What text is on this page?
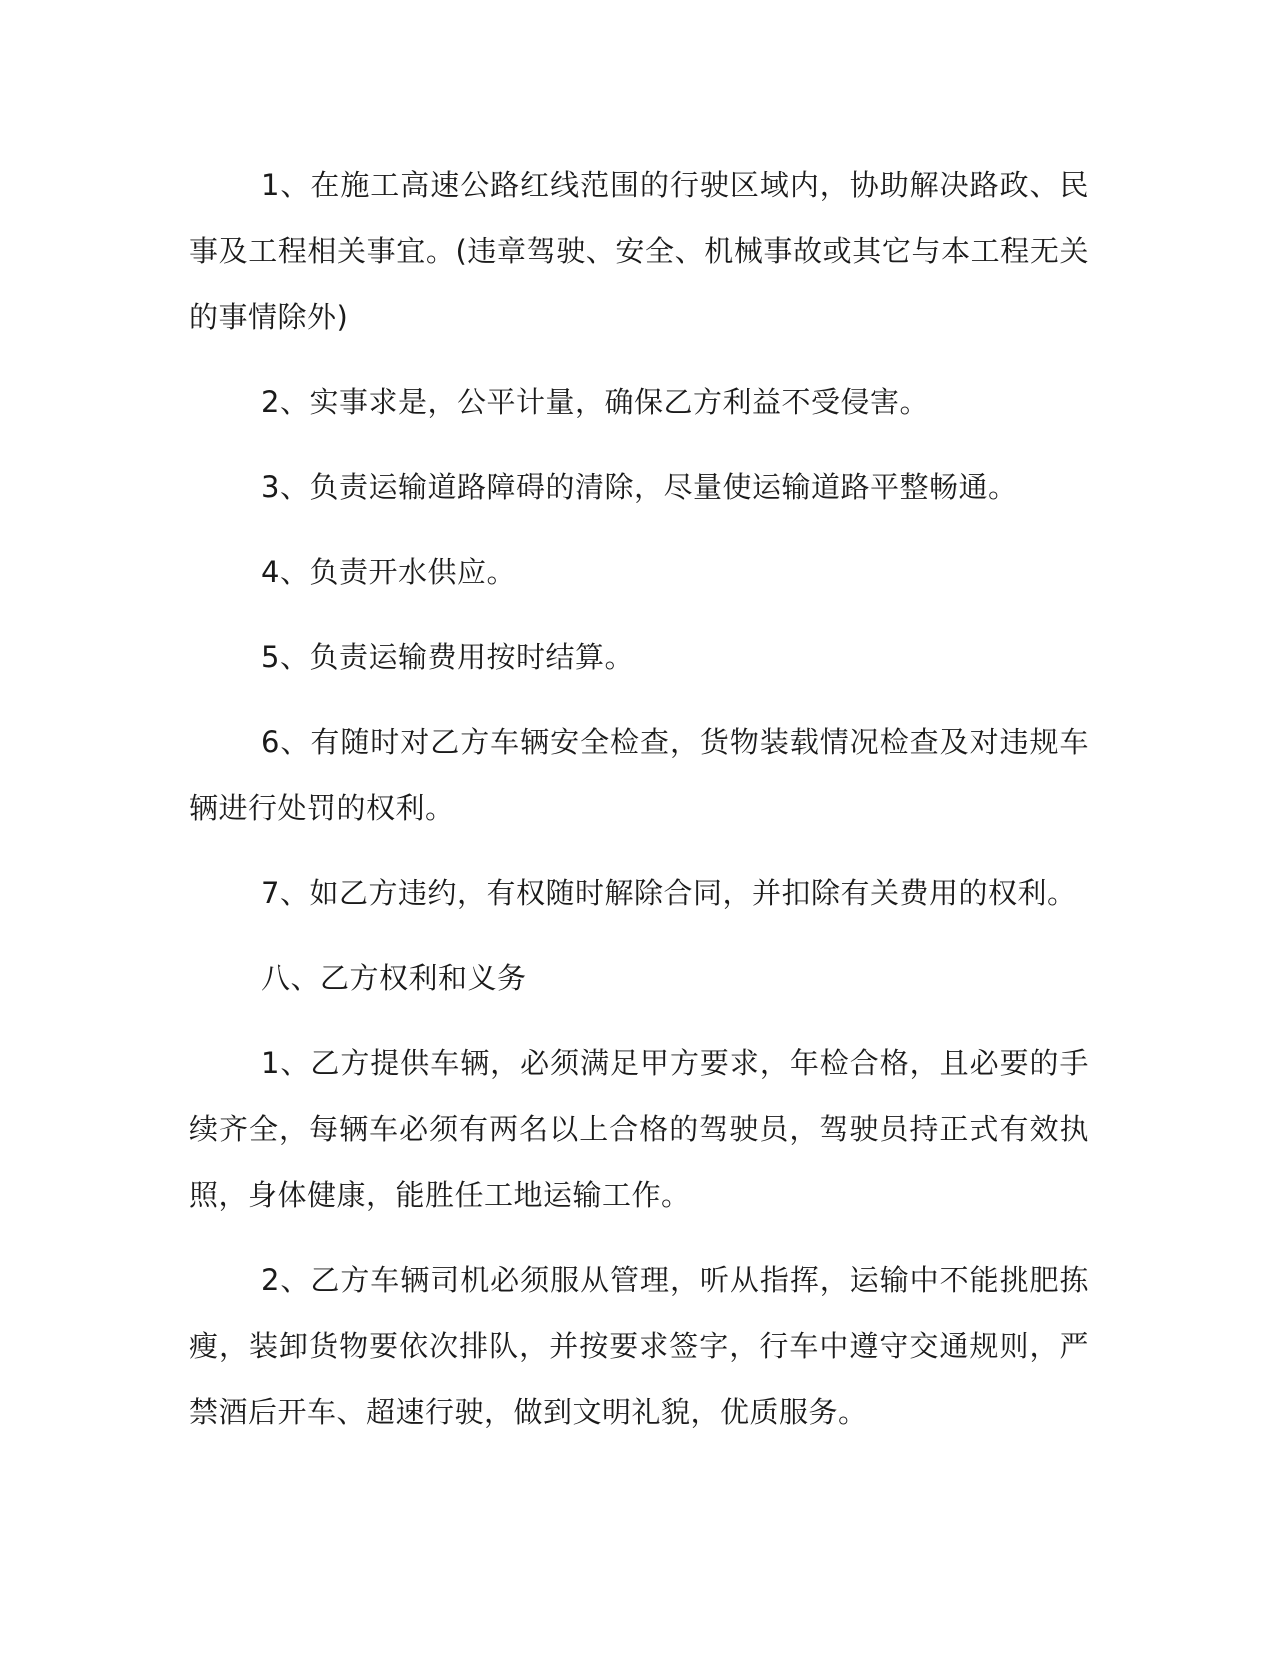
1、在施工高速公路红线范围的行驶区域内，协助解决路政、民事及工程相关事宜。(违章驾驶、安全、机械事故或其它与本工程无关的事情除外)

2、实事求是，公平计量，确保乙方利益不受侵害。

3、负责运输道路障碍的清除，尽量使运输道路平整畅通。

4、负责开水供应。

5、负责运输费用按时结算。

6、有随时对乙方车辆安全检查，货物装载情况检查及对违规车辆进行处罚的权利。

7、如乙方违约，有权随时解除合同，并扣除有关费用的权利。

八、乙方权利和义务

1、乙方提供车辆，必须满足甲方要求，年检合格，且必要的手续齐全，每辆车必须有两名以上合格的驾驶员，驾驶员持正式有效执照，身体健康，能胜任工地运输工作。

2、乙方车辆司机必须服从管理，听从指挥，运输中不能挑肥拣瘦，装卸货物要依次排队，并按要求签字，行车中遵守交通规则，严禁酒后开车、超速行驶，做到文明礼貌，优质服务。
